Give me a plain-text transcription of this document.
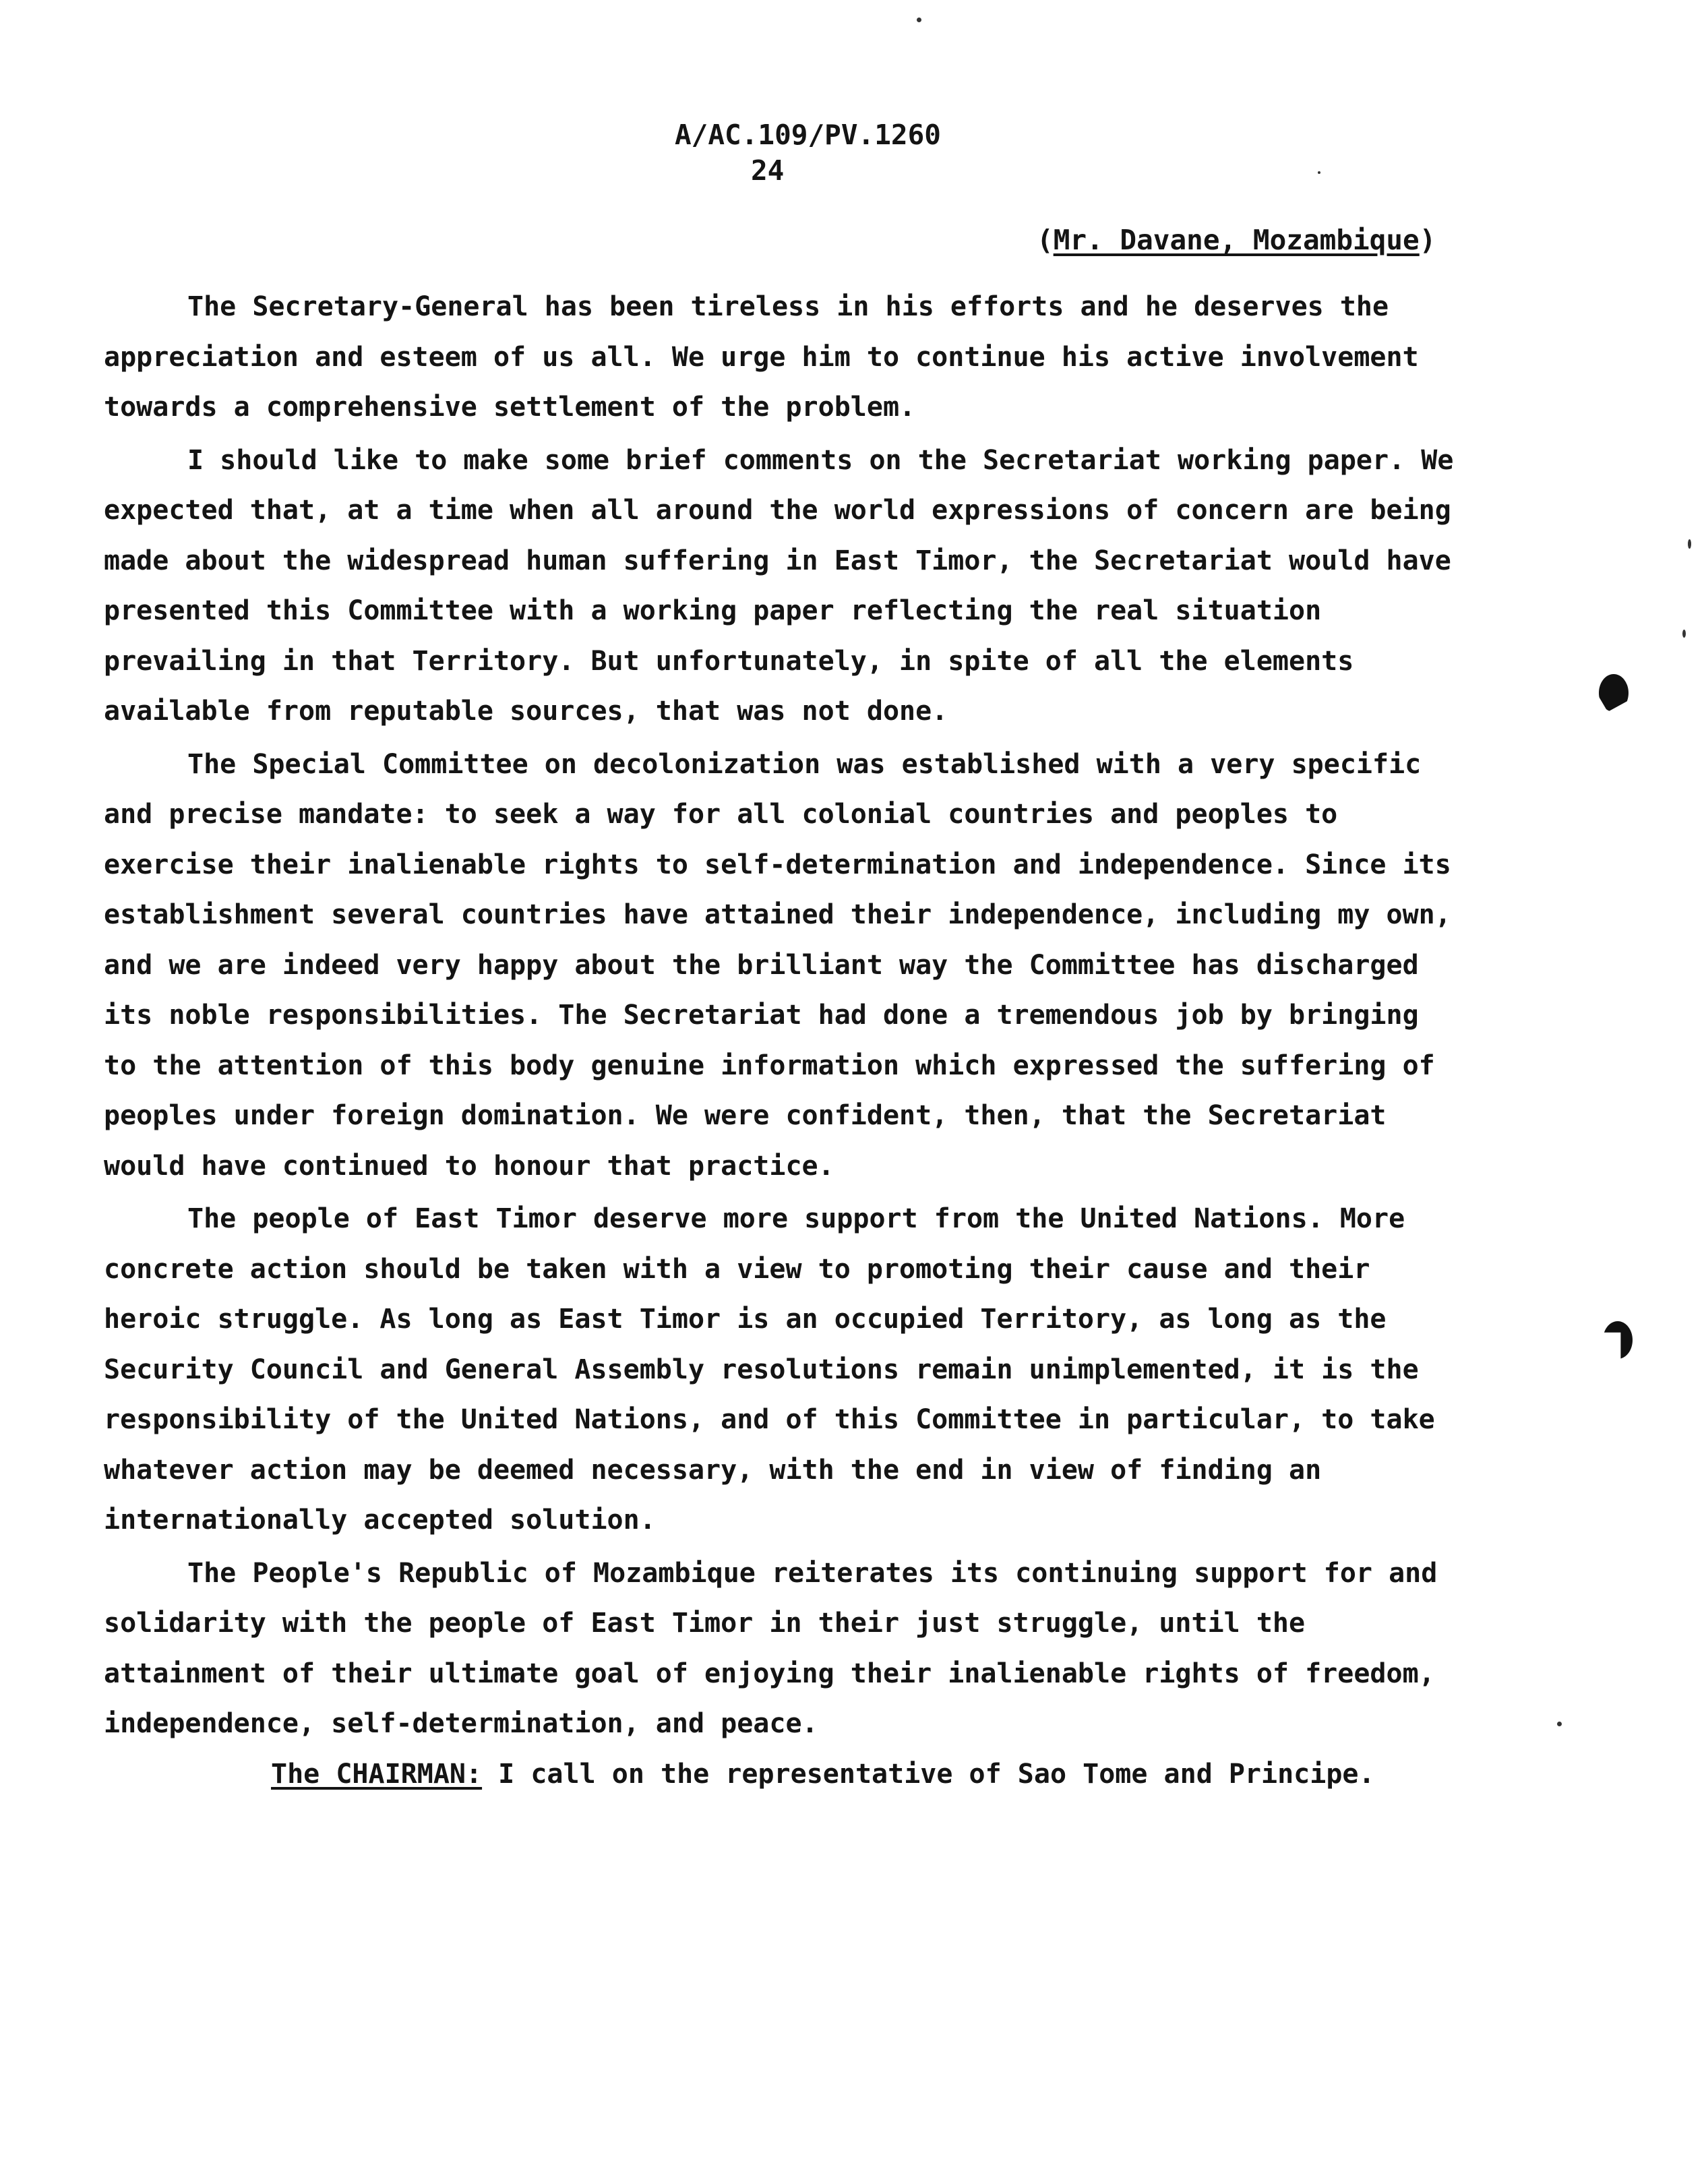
A/AC.109/PV.1260
24
(Mr. Davane, Mozambique)

The Secretary-General has been tireless in his efforts and he deserves the appreciation and esteem of us all. We urge him to continue his active involvement towards a comprehensive settlement of the problem.

I should like to make some brief comments on the Secretariat working paper. We expected that, at a time when all around the world expressions of concern are being made about the widespread human suffering in East Timor, the Secretariat would have presented this Committee with a working paper reflecting the real situation prevailing in that Territory. But unfortunately, in spite of all the elements available from reputable sources, that was not done.

The Special Committee on decolonization was established with a very specific and precise mandate: to seek a way for all colonial countries and peoples to exercise their inalienable rights to self-determination and independence. Since its establishment several countries have attained their independence, including my own, and we are indeed very happy about the brilliant way the Committee has discharged its noble responsibilities. The Secretariat had done a tremendous job by bringing to the attention of this body genuine information which expressed the suffering of peoples under foreign domination. We were confident, then, that the Secretariat would have continued to honour that practice.

The people of East Timor deserve more support from the United Nations. More concrete action should be taken with a view to promoting their cause and their heroic struggle. As long as East Timor is an occupied Territory, as long as the Security Council and General Assembly resolutions remain unimplemented, it is the responsibility of the United Nations, and of this Committee in particular, to take whatever action may be deemed necessary, with the end in view of finding an internationally accepted solution.

The People's Republic of Mozambique reiterates its continuing support for and solidarity with the people of East Timor in their just struggle, until the attainment of their ultimate goal of enjoying their inalienable rights of freedom, independence, self-determination, and peace.

The CHAIRMAN: I call on the representative of Sao Tome and Principe.
